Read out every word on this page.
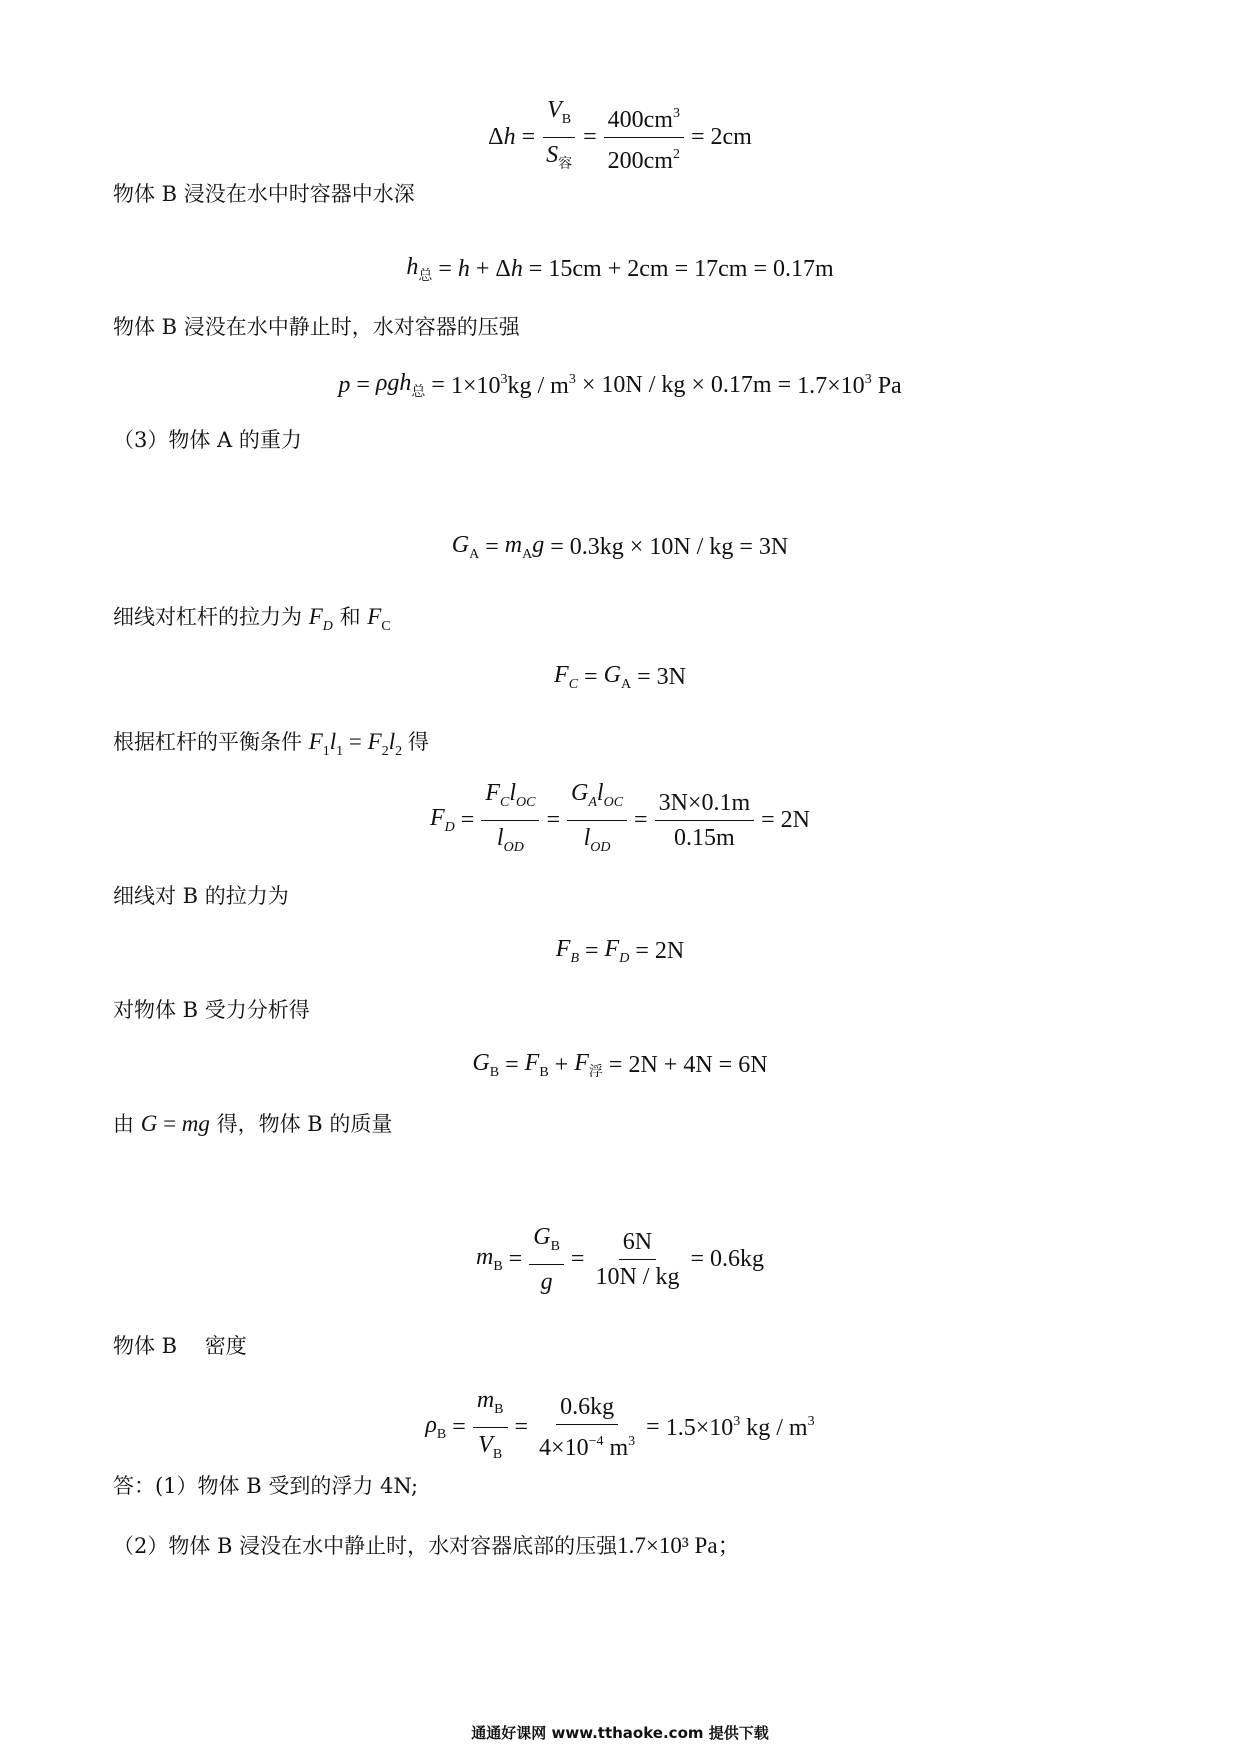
$\Delta h = \frac{V_B}{S_容} = \frac{400cm^3}{200cm^2} = 2cm$
物体 B 浸没在水中时容器中水深
$h_总 = h + \Delta h = 15cm + 2cm = 17cm = 0.17m$
物体 B 浸没在水中静止时，水对容器的压强
$p = \rho gh_总 = 1\times 10^3kg / m^3 \times 10N$ / kg × $0.17m = 1.7\times 10^3$ Pa
（3）物体 A 的重力
$G_A = m_Ag = 0.3kg \times 10N$ / kg = 3N
细线对杠杆的拉力为 $F_D$ 和 $F_C$
$F_C = G_A = 3N$
根据杠杆的平衡条件 $F_1l_1 = F_2l_2$ 得
$F_D = \frac{F_Cl_{OC}}{l_{OD}} = \frac{G_Al_{OC}}{l_{OD}} = \frac{3N\times 0.1m}{0.15m} = 2N$
细线对 B 的拉力为
$F_B = F_D = 2N$
对物体 B 受力分析得
$G_B = F_B + F_浮 = 2N + 4N = 6N$
由 G = mg 得，物体 B 的质量
$m_B = \frac{G_B}{g} = \frac{6N}{10N / kg} = 0.6kg$
物体 B　 密度
$\rho_B = \frac{m_B}{V_B} = \frac{0.6kg}{4\times 10^{-4} m^3} = 1.5\times 10^3$ kg / $m^3$
答：(1）物体 B 受到的浮力 4N;
（2）物体 B 浸没在水中静止时，水对容器底部的压强1.7×10³ Pa；
通通好课网 www.tthaoke.com 提供下载
